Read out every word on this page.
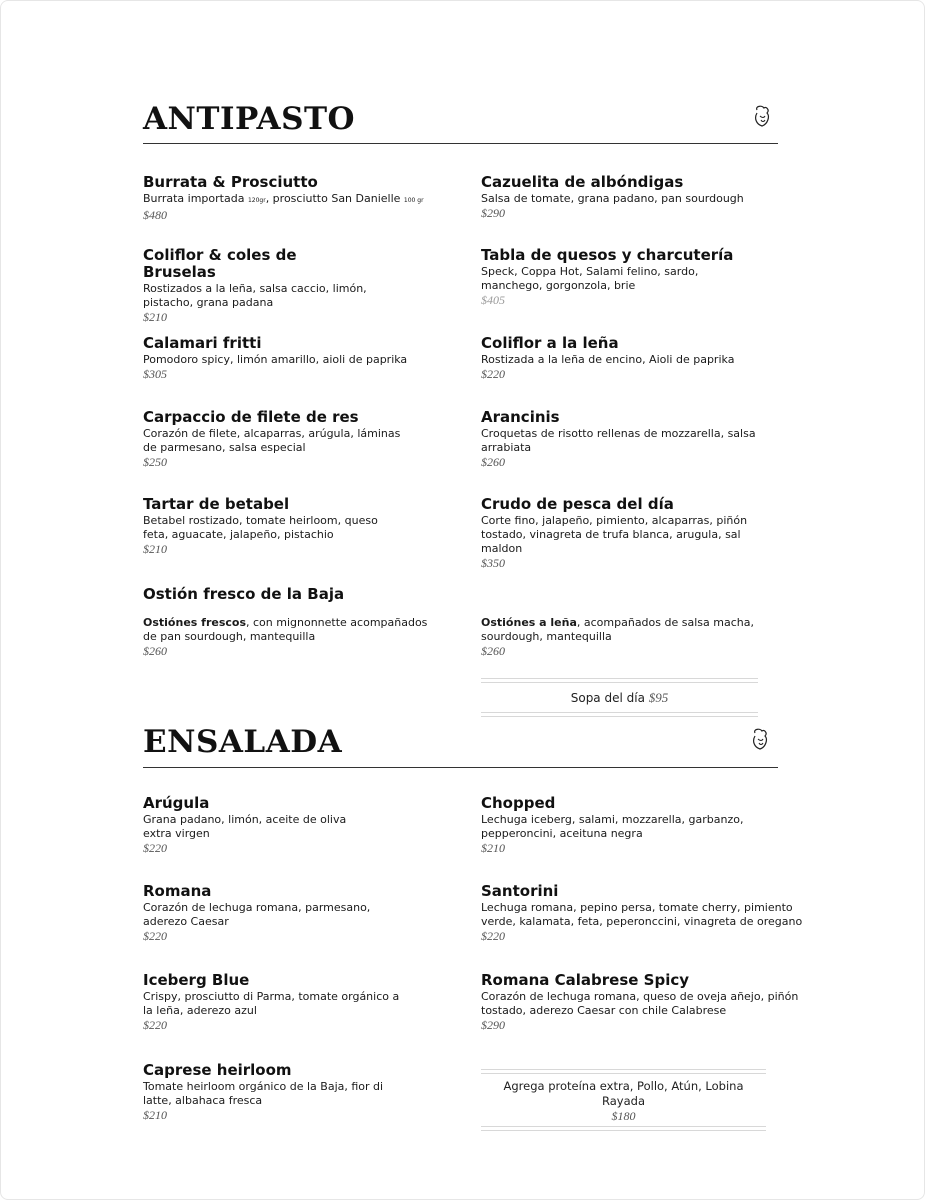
ANTIPASTO
Burrata & Prosciutto
Burrata importada 120gr, prosciutto San Danielle 100 gr
$480
Coliflor & coles de Bruselas
Rostizados a la leña, salsa caccio, limón, pistacho, grana padana
$210
Calamari fritti
Pomodoro spicy, limón amarillo, aioli de paprika
$305
Carpaccio de filete de res
Corazón de filete, alcaparras, arúgula, láminas de parmesano, salsa especial
$250
Tartar de betabel
Betabel rostizado, tomate heirloom, queso feta, aguacate, jalapeño, pistachio
$210
Cazuelita de albóndigas
Salsa de tomate, grana padano, pan sourdough
$290
Tabla de quesos y charcutería
Speck, Coppa Hot, Salami felino, sardo, manchego, gorgonzola, brie
$405
Coliflor a la leña
Rostizada a la leña de encino, Aioli de paprika
$220
Arancinis
Croquetas de risotto rellenas de mozzarella, salsa arrabiata
$260
Crudo de pesca del día
Corte fino, jalapeño, pimiento, alcaparras, piñón tostado, vinagreta de trufa blanca, arugula, sal maldon
$350
Ostión fresco de la Baja
Ostiónes frescos, con mignonnette acompañados de pan sourdough, mantequilla
$260
Ostiónes a leña, acompañados de salsa macha, sourdough, mantequilla
$260
Sopa del día $95
ENSALADA
Arúgula
Grana padano, limón, aceite de oliva extra virgen
$220
Romana
Corazón de lechuga romana, parmesano, aderezo Caesar
$220
Iceberg Blue
Crispy, prosciutto di Parma, tomate orgánico a la leña, aderezo azul
$220
Caprese heirloom
Tomate heirloom orgánico de la Baja, fior di latte, albahaca fresca
$210
Chopped
Lechuga iceberg, salami, mozzarella, garbanzo, pepperoncini, aceituna negra
$210
Santorini
Lechuga romana, pepino persa, tomate cherry, pimiento verde, kalamata, feta, peperonccini, vinagreta de oregano
$220
Romana Calabrese Spicy
Corazón de lechuga romana, queso de oveja añejo, piñón tostado, aderezo Caesar con chile Calabrese
$290
Agrega proteína extra, Pollo, Atún, Lobina Rayada
$180
